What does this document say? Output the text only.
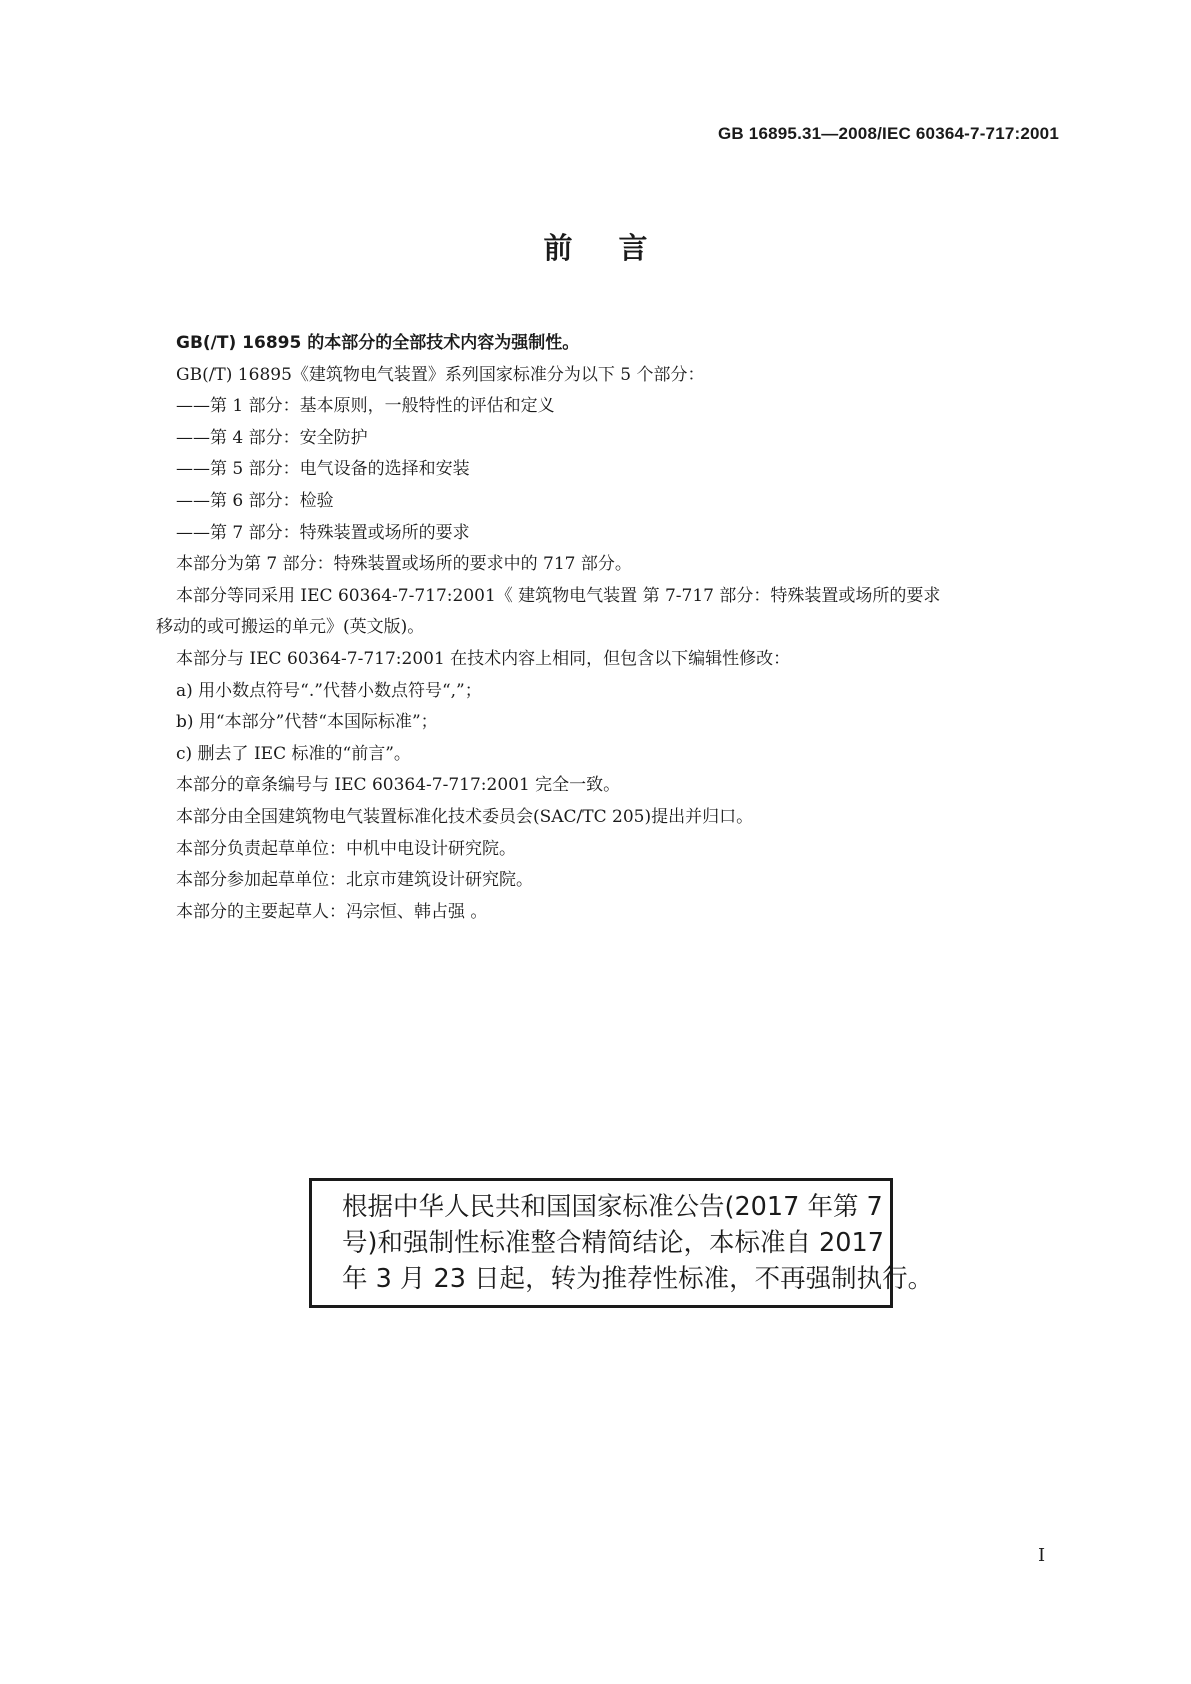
GB 16895.31—2008/IEC 60364-7-717:2001
前言
GB(/T) 16895 的本部分的全部技术内容为强制性。
GB(/T) 16895《建筑物电气装置》系列国家标准分为以下 5 个部分：
——第 1 部分：基本原则，一般特性的评估和定义
——第 4 部分：安全防护
——第 5 部分：电气设备的选择和安装
——第 6 部分：检验
——第 7 部分：特殊装置或场所的要求
本部分为第 7 部分：特殊装置或场所的要求中的 717 部分。
本部分等同采用 IEC 60364-7-717:2001《 建筑物电气装置 第 7-717 部分：特殊装置或场所的要求
移动的或可搬运的单元》(英文版)。
本部分与 IEC 60364-7-717:2001 在技术内容上相同，但包含以下编辑性修改：
a) 用小数点符号“.”代替小数点符号“,”；
b) 用“本部分”代替“本国际标准”；
c) 删去了 IEC 标准的“前言”。
本部分的章条编号与 IEC 60364-7-717:2001 完全一致。
本部分由全国建筑物电气装置标准化技术委员会(SAC/TC 205)提出并归口。
本部分负责起草单位：中机中电设计研究院。
本部分参加起草单位：北京市建筑设计研究院。
本部分的主要起草人：冯宗恒、韩占强 。
根据中华人民共和国国家标准公告(2017 年第 7
号)和强制性标准整合精简结论，本标准自 2017
年 3 月 23 日起，转为推荐性标准，不再强制执行。
I
